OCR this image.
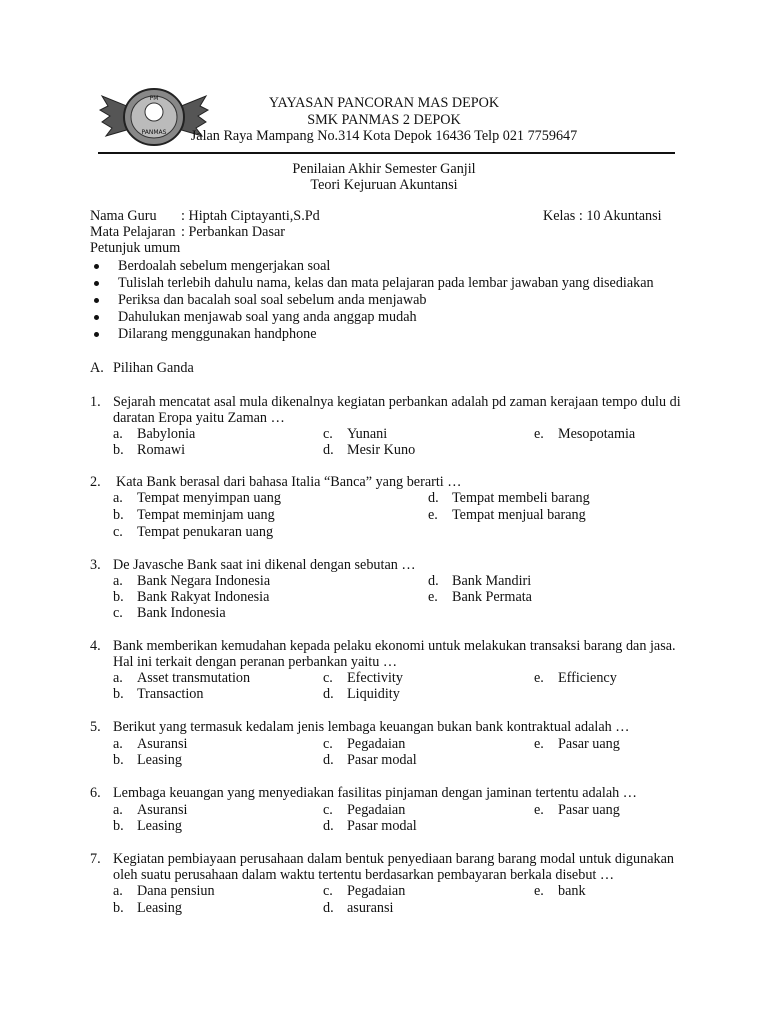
PM
PANMAS
YAYASAN PANCORAN MAS DEPOK
SMK PANMAS 2 DEPOK
Jalan Raya Mampang No.314 Kota Depok 16436 Telp 021 7759647
Penilaian Akhir Semester Ganjil
Teori Kejuruan Akuntansi
Nama Guru : Hiptah Ciptayanti,S.Pd	Kelas : 10 Akuntansi
Mata Pelajaran : Perbankan Dasar
Petunjuk umum
Berdoalah sebelum mengerjakan soal
Tulislah terlebih dahulu nama, kelas dan mata pelajaran pada lembar jawaban yang disediakan
Periksa dan bacalah soal soal sebelum anda menjawab
Dahulukan menjawab soal yang anda anggap mudah
Dilarang menggunakan handphone
A. Pilihan Ganda
1. Sejarah mencatat asal mula dikenalnya kegiatan perbankan adalah pd zaman kerajaan tempo dulu di
daratan Eropa yaitu Zaman …
a. Babylonia	c. Yunani	e. Mesopotamia
b. Romawi	d. Mesir Kuno
2. Kata Bank berasal dari bahasa Italia “Banca” yang berarti …
a. Tempat menyimpan uang	d. Tempat membeli barang
b. Tempat meminjam uang	e. Tempat menjual barang
c. Tempat penukaran uang
3. De Javasche Bank saat ini dikenal dengan sebutan …
a. Bank Negara Indonesia	d. Bank Mandiri
b. Bank Rakyat Indonesia	e. Bank Permata
c. Bank Indonesia
4. Bank memberikan kemudahan kepada pelaku ekonomi untuk melakukan transaksi barang dan jasa.
Hal ini terkait dengan peranan perbankan yaitu …
a. Asset transmutation	c. Efectivity	e. Efficiency
b. Transaction	d. Liquidity
5. Berikut yang termasuk kedalam jenis lembaga keuangan bukan bank kontraktual adalah …
a. Asuransi	c. Pegadaian	e. Pasar uang
b. Leasing	d. Pasar modal
6. Lembaga keuangan yang menyediakan fasilitas pinjaman dengan jaminan tertentu adalah …
a. Asuransi	c. Pegadaian	e. Pasar uang
b. Leasing	d. Pasar modal
7. Kegiatan pembiayaan perusahaan dalam bentuk penyediaan barang barang modal untuk digunakan
oleh suatu perusahaan dalam waktu tertentu berdasarkan pembayaran berkala disebut …
a. Dana pensiun	c. Pegadaian	e. bank
b. Leasing	d. asuransi
